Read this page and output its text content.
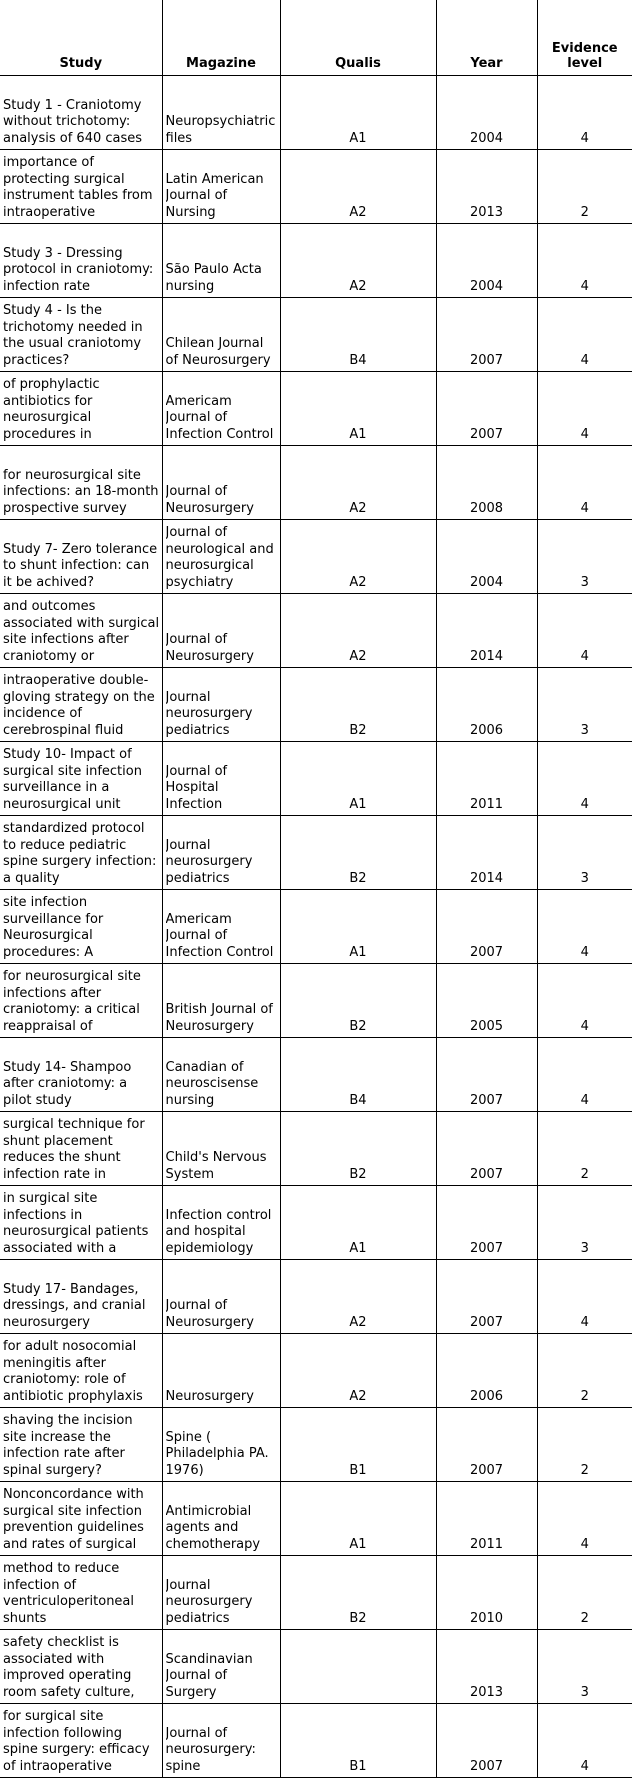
Study	Magazine	Qualis	Year	Evidence level

Study 1 - Craniotomy without trichotomy: analysis of 640 cases	Neuropsychiatric files	A1	2004	4

importance of protecting surgical instrument tables from intraoperative	Latin American Journal of Nursing	A2	2013	2

Study 3 - Dressing protocol in craniotomy: infection rate	São Paulo Acta nursing	A2	2004	4

Study 4 - Is the trichotomy needed in the usual craniotomy practices?	Chilean Journal of Neurosurgery	B4	2007	4

of prophylactic antibiotics for neurosurgical procedures in	Americam Journal of Infection Control	A1	2007	4

for neurosurgical site infections: an 18-month prospective survey	Journal of Neurosurgery	A2	2008	4

Study 7- Zero tolerance to shunt infection: can it be achived?	Journal of neurological and neurosurgical psychiatry	A2	2004	3

and outcomes associated with surgical site infections after craniotomy or	Journal of Neurosurgery	A2	2014	4

intraoperative double-gloving strategy on the incidence of cerebrospinal fluid	Journal neurosurgery pediatrics	B2	2006	3

Study 10- Impact of surgical site infection surveillance in a neurosurgical unit	Journal of Hospital Infection	A1	2011	4

standardized protocol to reduce pediatric spine surgery infection: a quality	Journal neurosurgery pediatrics	B2	2014	3

site infection surveillance for Neurosurgical procedures: A	Americam Journal of Infection Control	A1	2007	4

for neurosurgical site infections after craniotomy: a critical reappraisal of	British Journal of Neurosurgery	B2	2005	4

Study 14- Shampoo after craniotomy: a pilot study	Canadian of neuroscisense nursing	B4	2007	4

surgical technique for shunt placement reduces the shunt infection rate in	Child's Nervous System	B2	2007	2

in surgical site infections in neurosurgical patients associated with a	Infection control and hospital epidemiology	A1	2007	3

Study 17- Bandages, dressings, and cranial neurosurgery	Journal of Neurosurgery	A2	2007	4

for adult nosocomial meningitis after craniotomy: role of antibiotic prophylaxis	Neurosurgery	A2	2006	2

shaving the incision site increase the infection rate after spinal surgery?	Spine ( Philadelphia PA. 1976)	B1	2007	2

Nonconcordance with surgical site infection prevention guidelines and rates of surgical	Antimicrobial agents and chemotherapy	A1	2011	4

method to reduce infection of ventriculoperitoneal shunts	Journal neurosurgery pediatrics	B2	2010	2

safety checklist is associated with improved operating room safety culture,	Scandinavian Journal of Surgery		2013	3

for surgical site infection following spine surgery: efficacy of intraoperative	Journal of neurosurgery: spine	B1	2007	4
